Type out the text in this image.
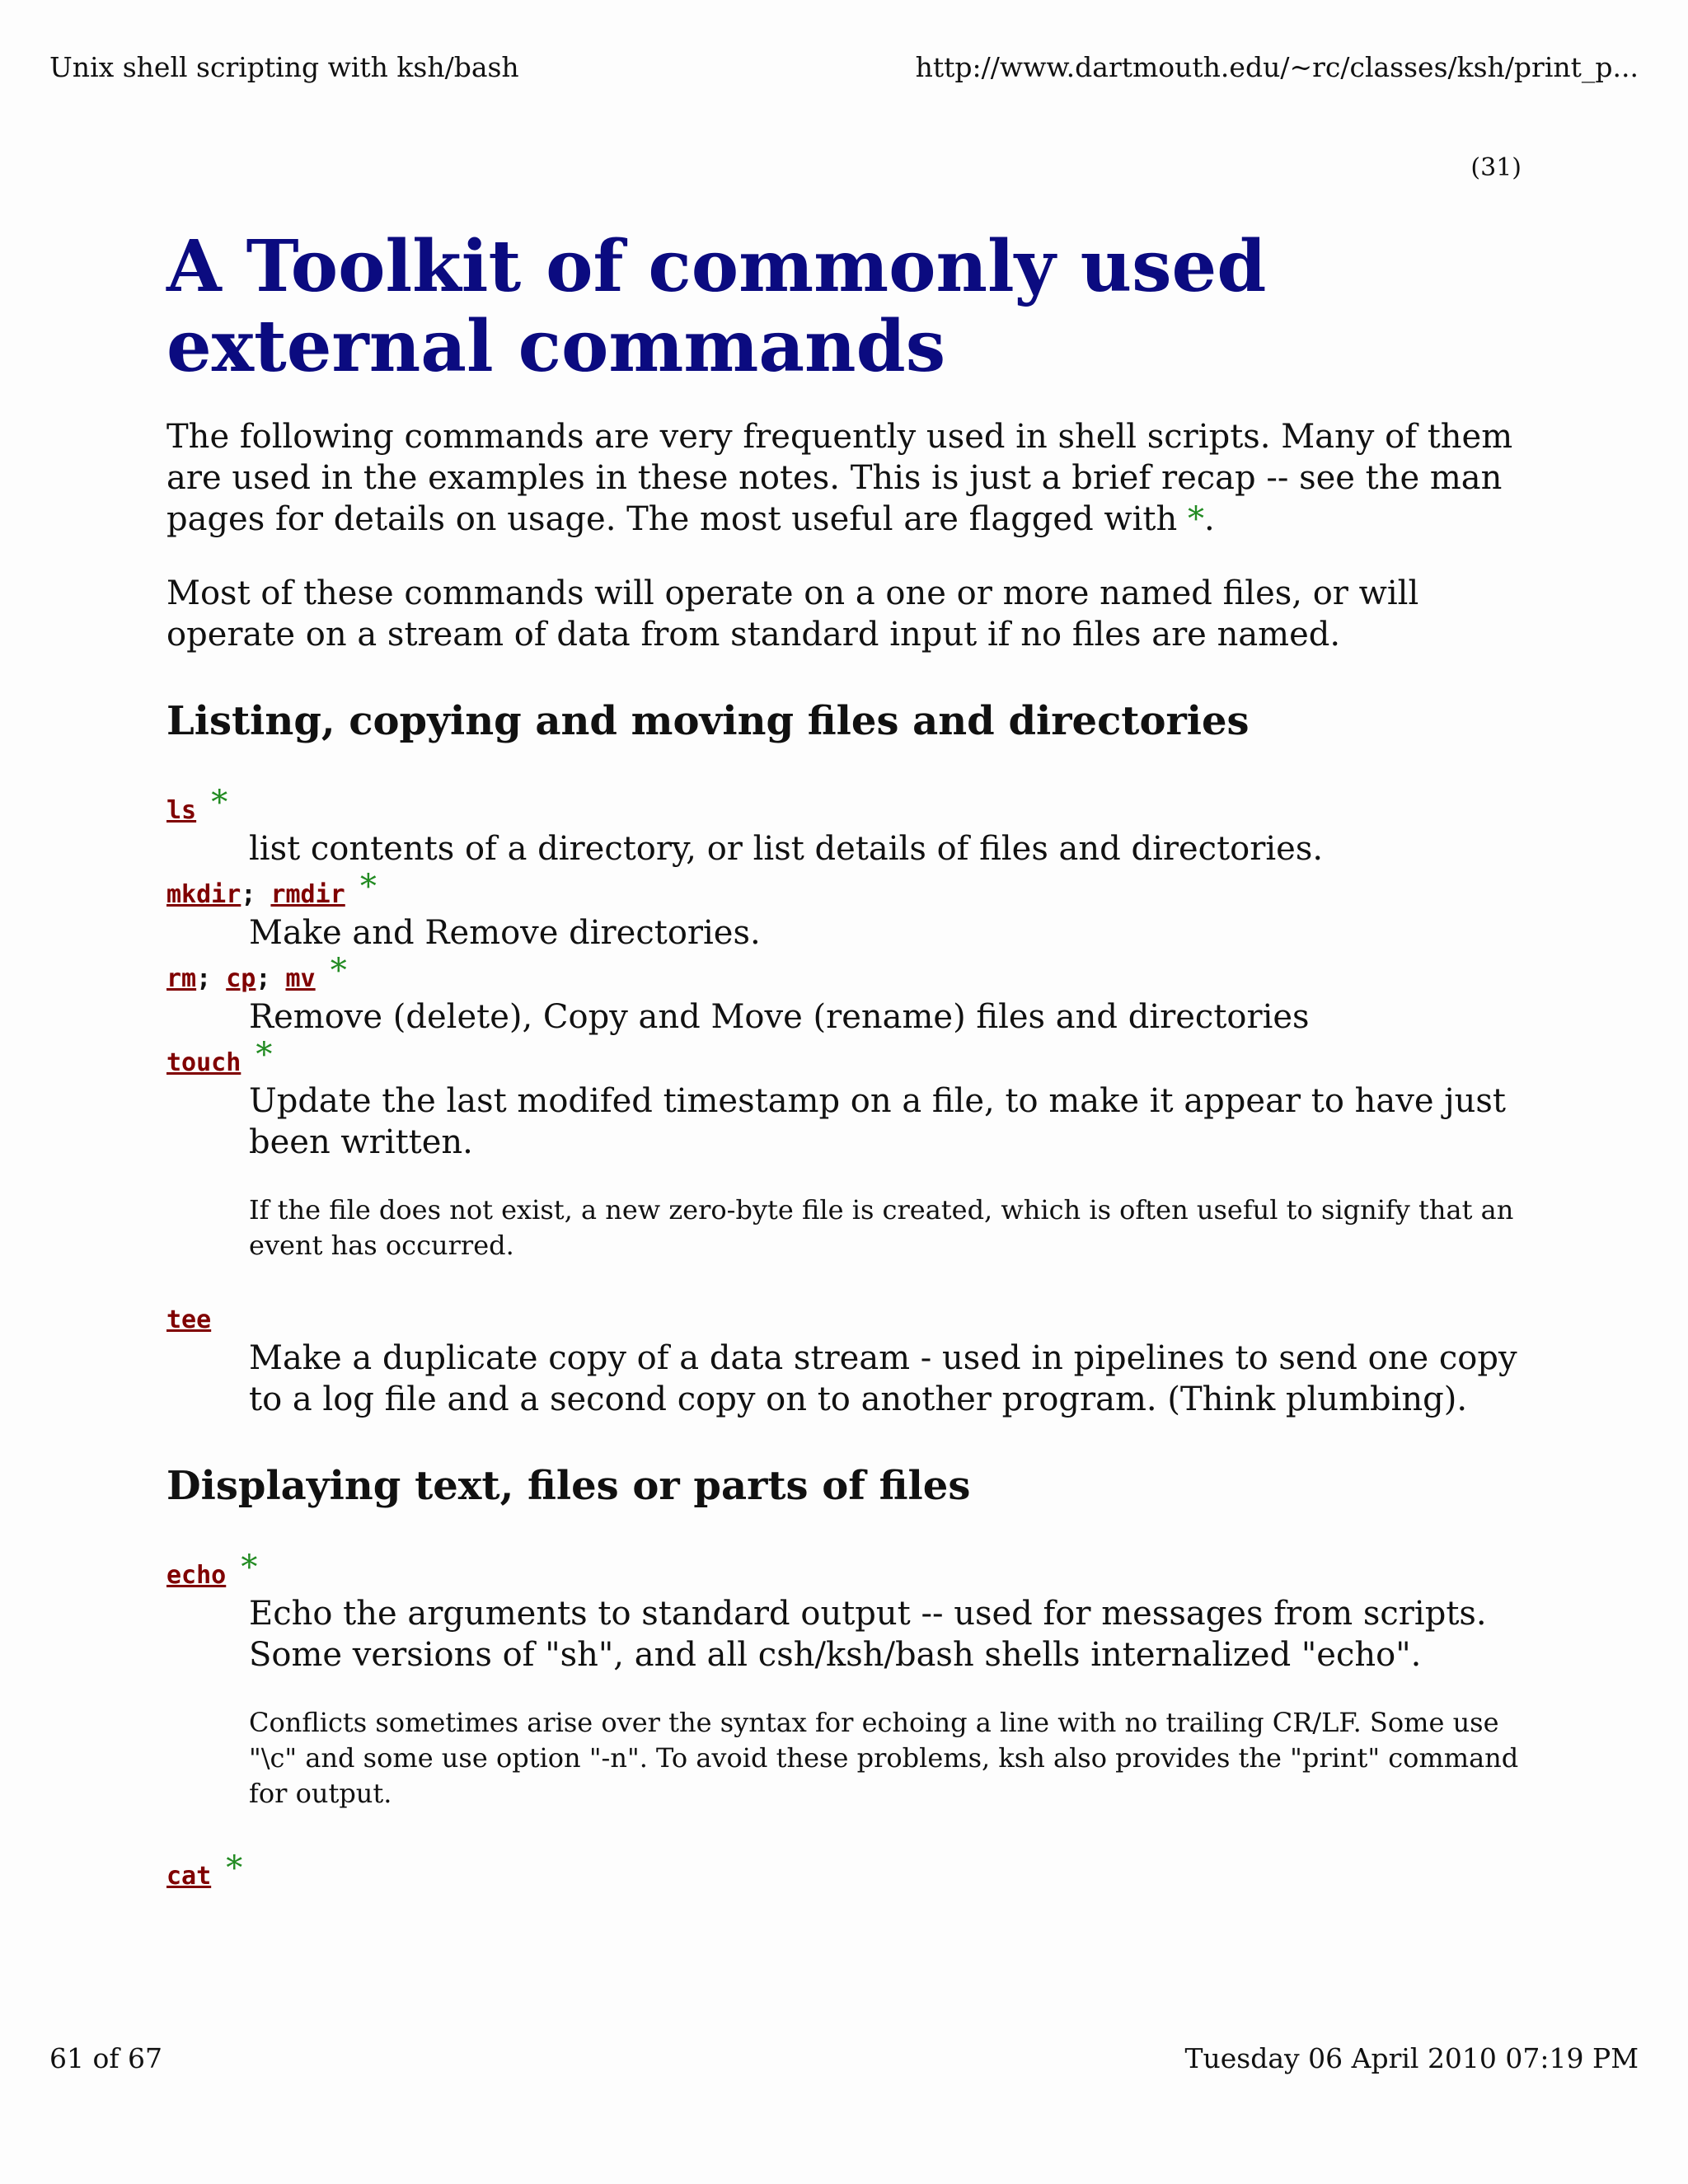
Unix shell scripting with ksh/bash	http://www.dartmouth.edu/~rc/classes/ksh/print_p...
(31)
A Toolkit of commonly used external commands

The following commands are very frequently used in shell scripts. Many of them are used in the examples in these notes. This is just a brief recap -- see the man pages for details on usage. The most useful are flagged with *.

Most of these commands will operate on a one or more named files, or will operate on a stream of data from standard input if no files are named.

Listing, copying and moving files and directories
ls *
list contents of a directory, or list details of files and directories.
mkdir; rmdir *
Make and Remove directories.
rm; cp; mv *
Remove (delete), Copy and Move (rename) files and directories
touch *
Update the last modifed timestamp on a file, to make it appear to have just been written.
If the file does not exist, a new zero-byte file is created, which is often useful to signify that an event has occurred.
tee
Make a duplicate copy of a data stream - used in pipelines to send one copy to a log file and a second copy on to another program. (Think plumbing).
Displaying text, files or parts of files
echo *
Echo the arguments to standard output -- used for messages from scripts. Some versions of "sh", and all csh/ksh/bash shells internalized "echo".
Conflicts sometimes arise over the syntax for echoing a line with no trailing CR/LF. Some use "\c" and some use option "-n". To avoid these problems, ksh also provides the "print" command for output.
cat *
61 of 67	Tuesday 06 April 2010 07:19 PM
